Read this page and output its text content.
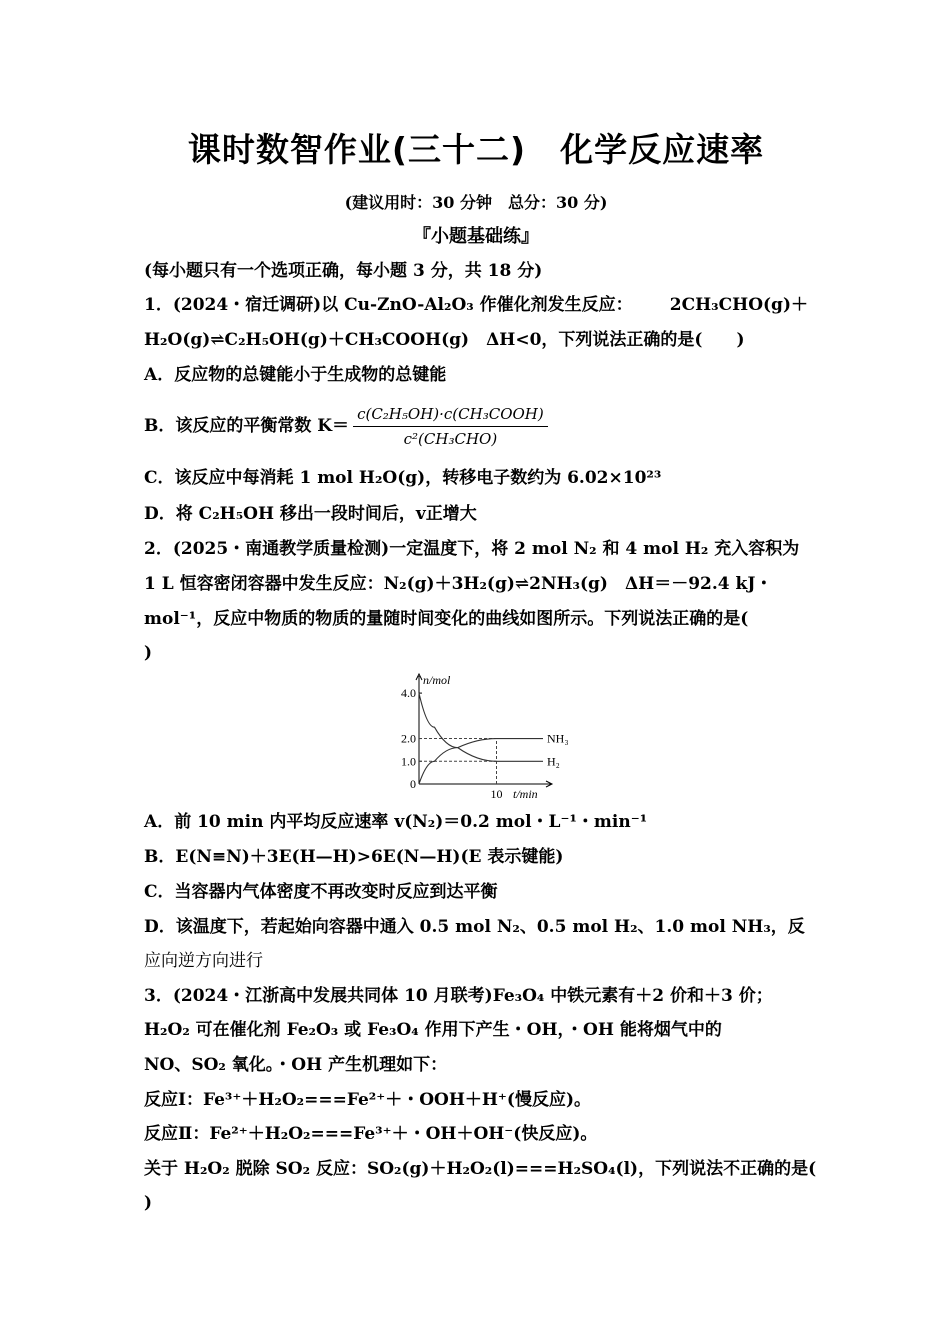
课时数智作业(三十二)　化学反应速率
(建议用时：30 分钟　总分：30 分)
『小题基础练』
(每小题只有一个选项正确，每小题 3 分，共 18 分)
1．(2024・宿迁调研)以 Cu-ZnO-Al₂O₃ 作催化剂发生反应： 2CH₃CHO(g)＋
H₂O(g)⇌C₂H₅OH(g)＋CH₃COOH(g)　ΔH<0，下列说法正确的是(　　)
A．反应物的总键能小于生成物的总键能
B．该反应的平衡常数 $K= \frac{\text{c(C₂H₅OH)·c(CH₃COOH)}}{\text{c²(CH₃CHO)}}$
C．该反应中每消耗 1 mol H₂O(g)，转移电子数约为 6.02×10²³
D．将 C₂H₅OH 移出一段时间后，v正增大
2．(2025・南通教学质量检测)一定温度下，将 2 mol N₂ 和 4 mol H₂ 充入容积为
1 L 恒容密闭容器中发生反应：N₂(g)＋3H₂(g)⇌2NH₃(g)　ΔH＝－92.4 kJ・
mol⁻¹，反应中物质的物质的量随时间变化的曲线如图所示。下列说法正确的是(
)
A．前 10 min 内平均反应速率 v(N₂)＝0.2 mol・L⁻¹・min⁻¹
B．E(N≡N)＋3E(H—H)>6E(N—H)(E 表示键能)
C．当容器内气体密度不再改变时反应到达平衡
D．该温度下，若起始向容器中通入 0.5 mol N₂、0.5 mol H₂、1.0 mol NH₃，反
应向逆方向进行
3．(2024・江浙高中发展共同体 10 月联考)Fe₃O₄ 中铁元素有＋2 价和＋3 价；
H₂O₂ 可在催化剂 Fe₂O₃ 或 Fe₃O₄ 作用下产生・OH，・OH 能将烟气中的
NO、SO₂ 氧化。・OH 产生机理如下：
反应Ⅰ：Fe³⁺＋H₂O₂===Fe²⁺＋・OOH＋H⁺(慢反应)。
反应Ⅱ：Fe²⁺＋H₂O₂===Fe³⁺＋・OH＋OH⁻(快反应)。
关于 H₂O₂ 脱除 SO₂ 反应：SO₂(g)＋H₂O₂(l)===H₂SO₄(l)，下列说法不正确的是(
)
n/mol
t/min
4.0
2.0
1.0
0
10
NH₃
H₂
